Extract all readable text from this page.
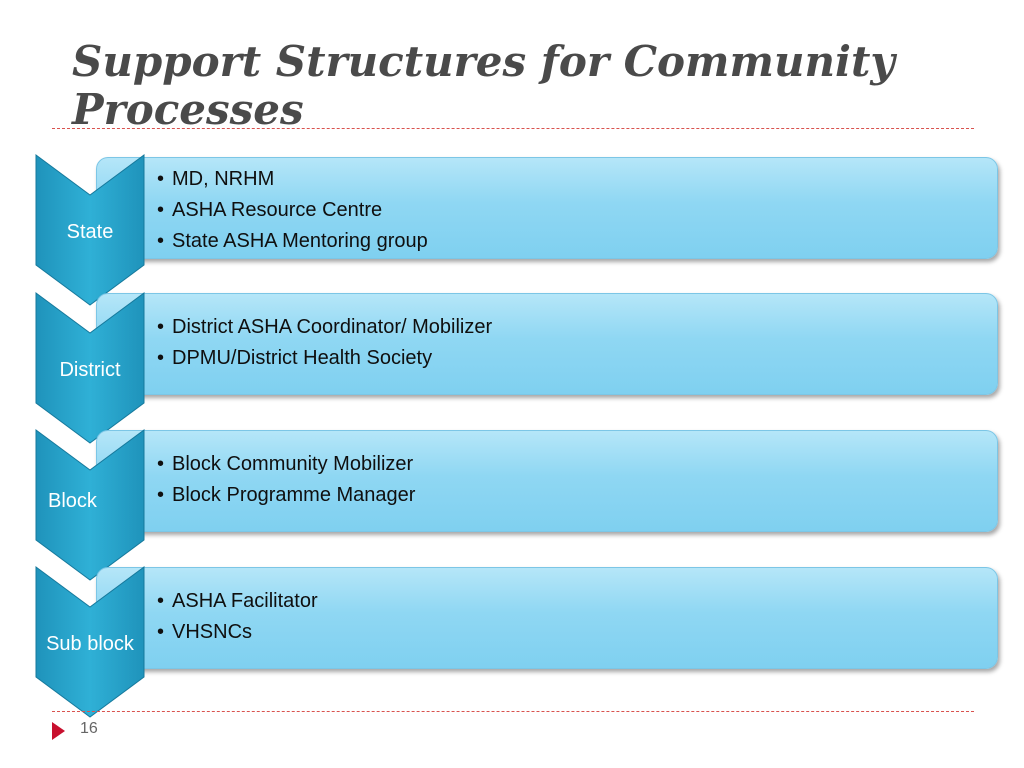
Support Structures for Community Processes
• MD, NRHM
• ASHA Resource Centre
• State ASHA Mentoring group
State
• District ASHA Coordinator/ Mobilizer
• DPMU/District Health Society
District
• Block Community Mobilizer
• Block Programme Manager
Block
• ASHA Facilitator
• VHSNCs
Sub block
16
